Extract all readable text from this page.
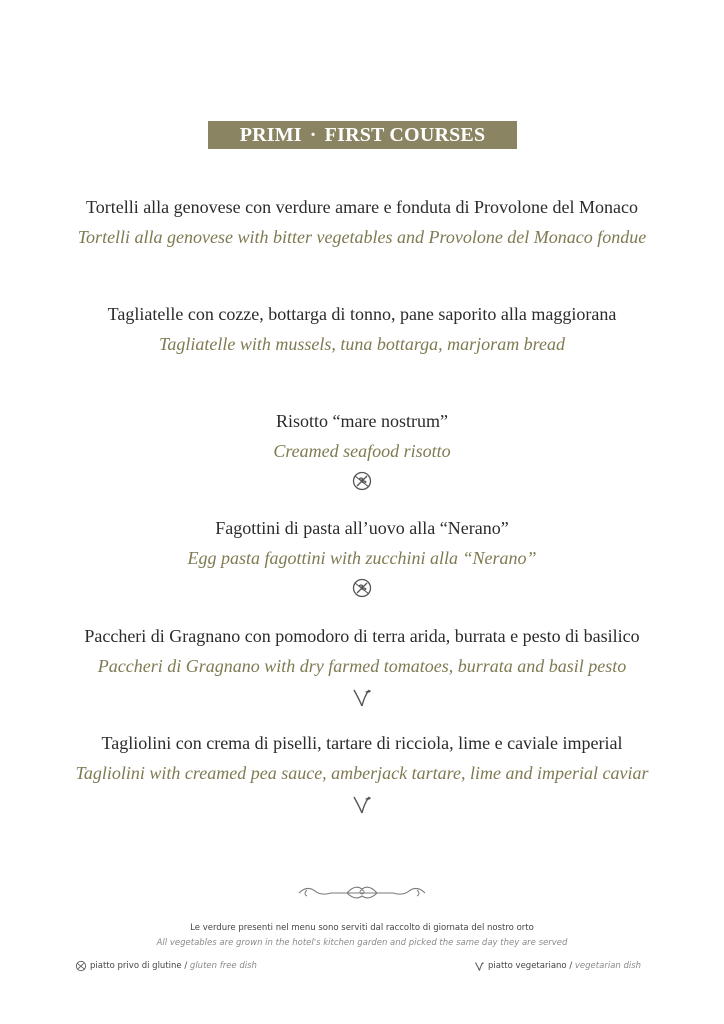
PRIMI · FIRST COURSES
Tortelli alla genovese con verdure amare e fonduta di Provolone del Monaco
Tortelli alla genovese with bitter vegetables and Provolone del Monaco fondue
Tagliatelle con cozze, bottarga di tonno, pane saporito alla maggiorana
Tagliatelle with mussels, tuna bottarga, marjoram bread
Risotto “mare nostrum”
Creamed seafood risotto
Fagottini di pasta all’uovo alla “Nerano”
Egg pasta fagottini with zucchini alla “Nerano”
Paccheri di Gragnano con pomodoro di terra arida, burrata e pesto di basilico
Paccheri di Gragnano with dry farmed tomatoes, burrata and basil pesto
Tagliolini con crema di piselli, tartare di ricciola, lime e caviale imperial
Tagliolini with creamed pea sauce, amberjack tartare, lime and imperial caviar
Le verdure presenti nel menu sono serviti dal raccolto di giornata del nostro orto
All vegetables are grown in the hotel's kitchen garden and picked the same day they are served
piatto privo di glutine / gluten free dish	piatto vegetariano / vegetarian dish
